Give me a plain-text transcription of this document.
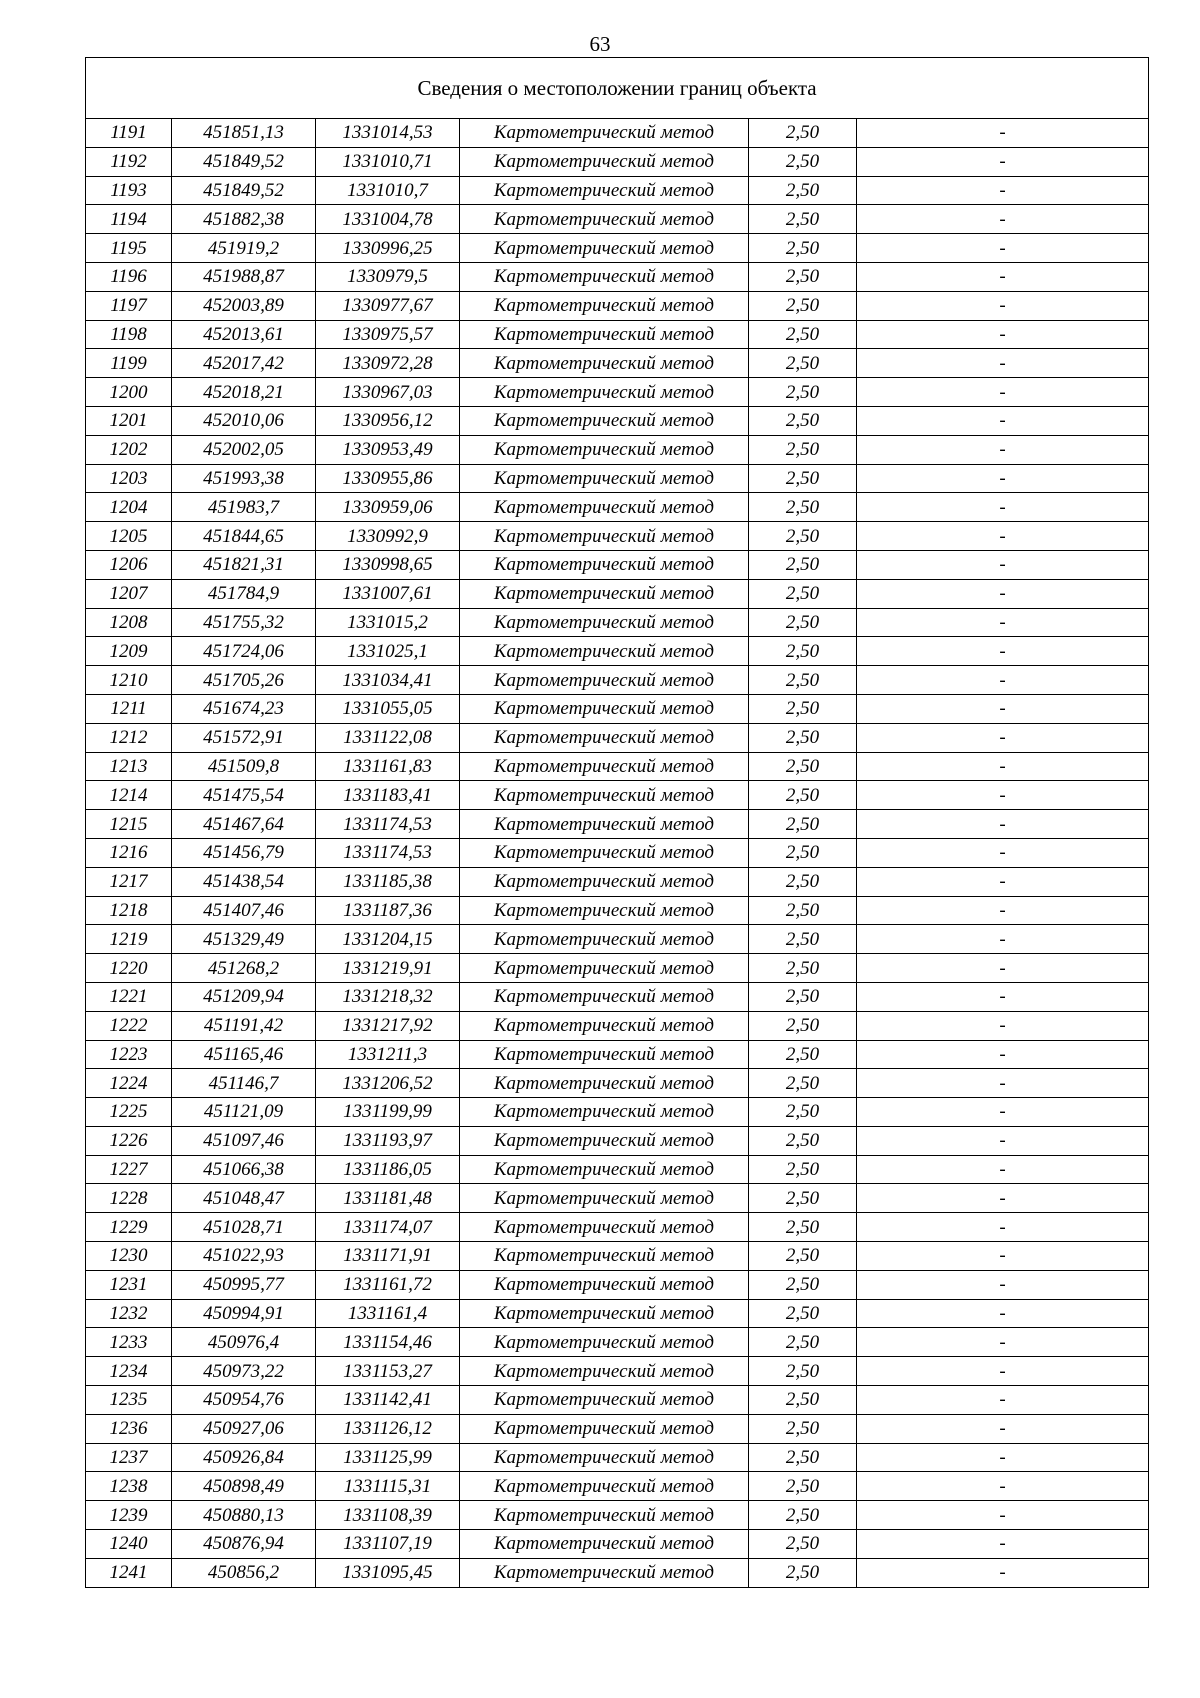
63
Сведения о местоположении границ объекта					
1191	451851,13	1331014,53	Картометрический метод	2,50	-
1192	451849,52	1331010,71	Картометрический метод	2,50	-
1193	451849,52	1331010,7	Картометрический метод	2,50	-
1194	451882,38	1331004,78	Картометрический метод	2,50	-
1195	451919,2	1330996,25	Картометрический метод	2,50	-
1196	451988,87	1330979,5	Картометрический метод	2,50	-
1197	452003,89	1330977,67	Картометрический метод	2,50	-
1198	452013,61	1330975,57	Картометрический метод	2,50	-
1199	452017,42	1330972,28	Картометрический метод	2,50	-
1200	452018,21	1330967,03	Картометрический метод	2,50	-
1201	452010,06	1330956,12	Картометрический метод	2,50	-
1202	452002,05	1330953,49	Картометрический метод	2,50	-
1203	451993,38	1330955,86	Картометрический метод	2,50	-
1204	451983,7	1330959,06	Картометрический метод	2,50	-
1205	451844,65	1330992,9	Картометрический метод	2,50	-
1206	451821,31	1330998,65	Картометрический метод	2,50	-
1207	451784,9	1331007,61	Картометрический метод	2,50	-
1208	451755,32	1331015,2	Картометрический метод	2,50	-
1209	451724,06	1331025,1	Картометрический метод	2,50	-
1210	451705,26	1331034,41	Картометрический метод	2,50	-
1211	451674,23	1331055,05	Картометрический метод	2,50	-
1212	451572,91	1331122,08	Картометрический метод	2,50	-
1213	451509,8	1331161,83	Картометрический метод	2,50	-
1214	451475,54	1331183,41	Картометрический метод	2,50	-
1215	451467,64	1331174,53	Картометрический метод	2,50	-
1216	451456,79	1331174,53	Картометрический метод	2,50	-
1217	451438,54	1331185,38	Картометрический метод	2,50	-
1218	451407,46	1331187,36	Картометрический метод	2,50	-
1219	451329,49	1331204,15	Картометрический метод	2,50	-
1220	451268,2	1331219,91	Картометрический метод	2,50	-
1221	451209,94	1331218,32	Картометрический метод	2,50	-
1222	451191,42	1331217,92	Картометрический метод	2,50	-
1223	451165,46	1331211,3	Картометрический метод	2,50	-
1224	451146,7	1331206,52	Картометрический метод	2,50	-
1225	451121,09	1331199,99	Картометрический метод	2,50	-
1226	451097,46	1331193,97	Картометрический метод	2,50	-
1227	451066,38	1331186,05	Картометрический метод	2,50	-
1228	451048,47	1331181,48	Картометрический метод	2,50	-
1229	451028,71	1331174,07	Картометрический метод	2,50	-
1230	451022,93	1331171,91	Картометрический метод	2,50	-
1231	450995,77	1331161,72	Картометрический метод	2,50	-
1232	450994,91	1331161,4	Картометрический метод	2,50	-
1233	450976,4	1331154,46	Картометрический метод	2,50	-
1234	450973,22	1331153,27	Картометрический метод	2,50	-
1235	450954,76	1331142,41	Картометрический метод	2,50	-
1236	450927,06	1331126,12	Картометрический метод	2,50	-
1237	450926,84	1331125,99	Картометрический метод	2,50	-
1238	450898,49	1331115,31	Картометрический метод	2,50	-
1239	450880,13	1331108,39	Картометрический метод	2,50	-
1240	450876,94	1331107,19	Картометрический метод	2,50	-
1241	450856,2	1331095,45	Картометрический метод	2,50	-
